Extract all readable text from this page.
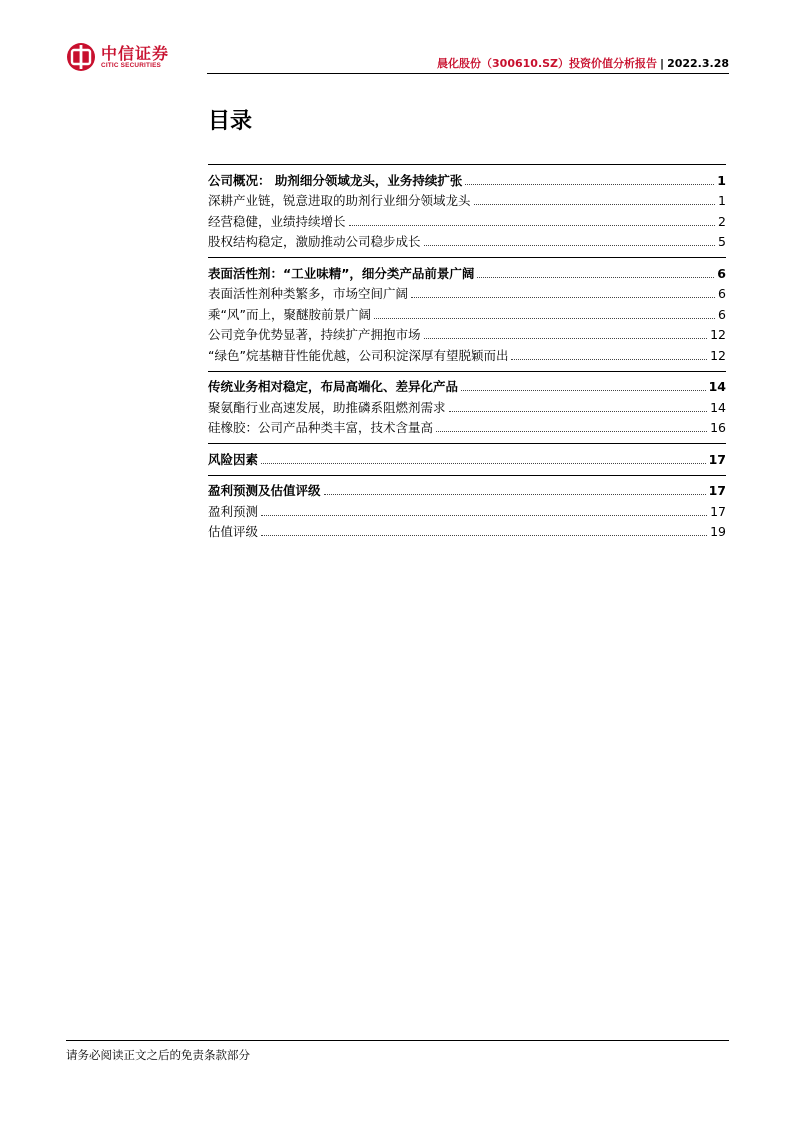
中信证券
CITIC SECURITIES	晨化股份（300610.SZ）投资价值分析报告 | 2022.3.28
目录
公司概况： 助剂细分领域龙头，业务持续扩张	1
深耕产业链，锐意进取的助剂行业细分领域龙头	1
经营稳健，业绩持续增长	2
股权结构稳定，激励推动公司稳步成长	5
表面活性剂：“工业味精”，细分类产品前景广阔	6
表面活性剂种类繁多，市场空间广阔	6
乘“风”而上，聚醚胺前景广阔	6
公司竞争优势显著，持续扩产拥抱市场	12
“绿色”烷基糖苷性能优越，公司积淀深厚有望脱颖而出	12
传统业务相对稳定，布局高端化、差异化产品	14
聚氨酯行业高速发展，助推磷系阻燃剂需求	14
硅橡胶：公司产品种类丰富，技术含量高	16
风险因素	17
盈利预测及估值评级	17
盈利预测	17
估值评级	19
请务必阅读正文之后的免责条款部分
